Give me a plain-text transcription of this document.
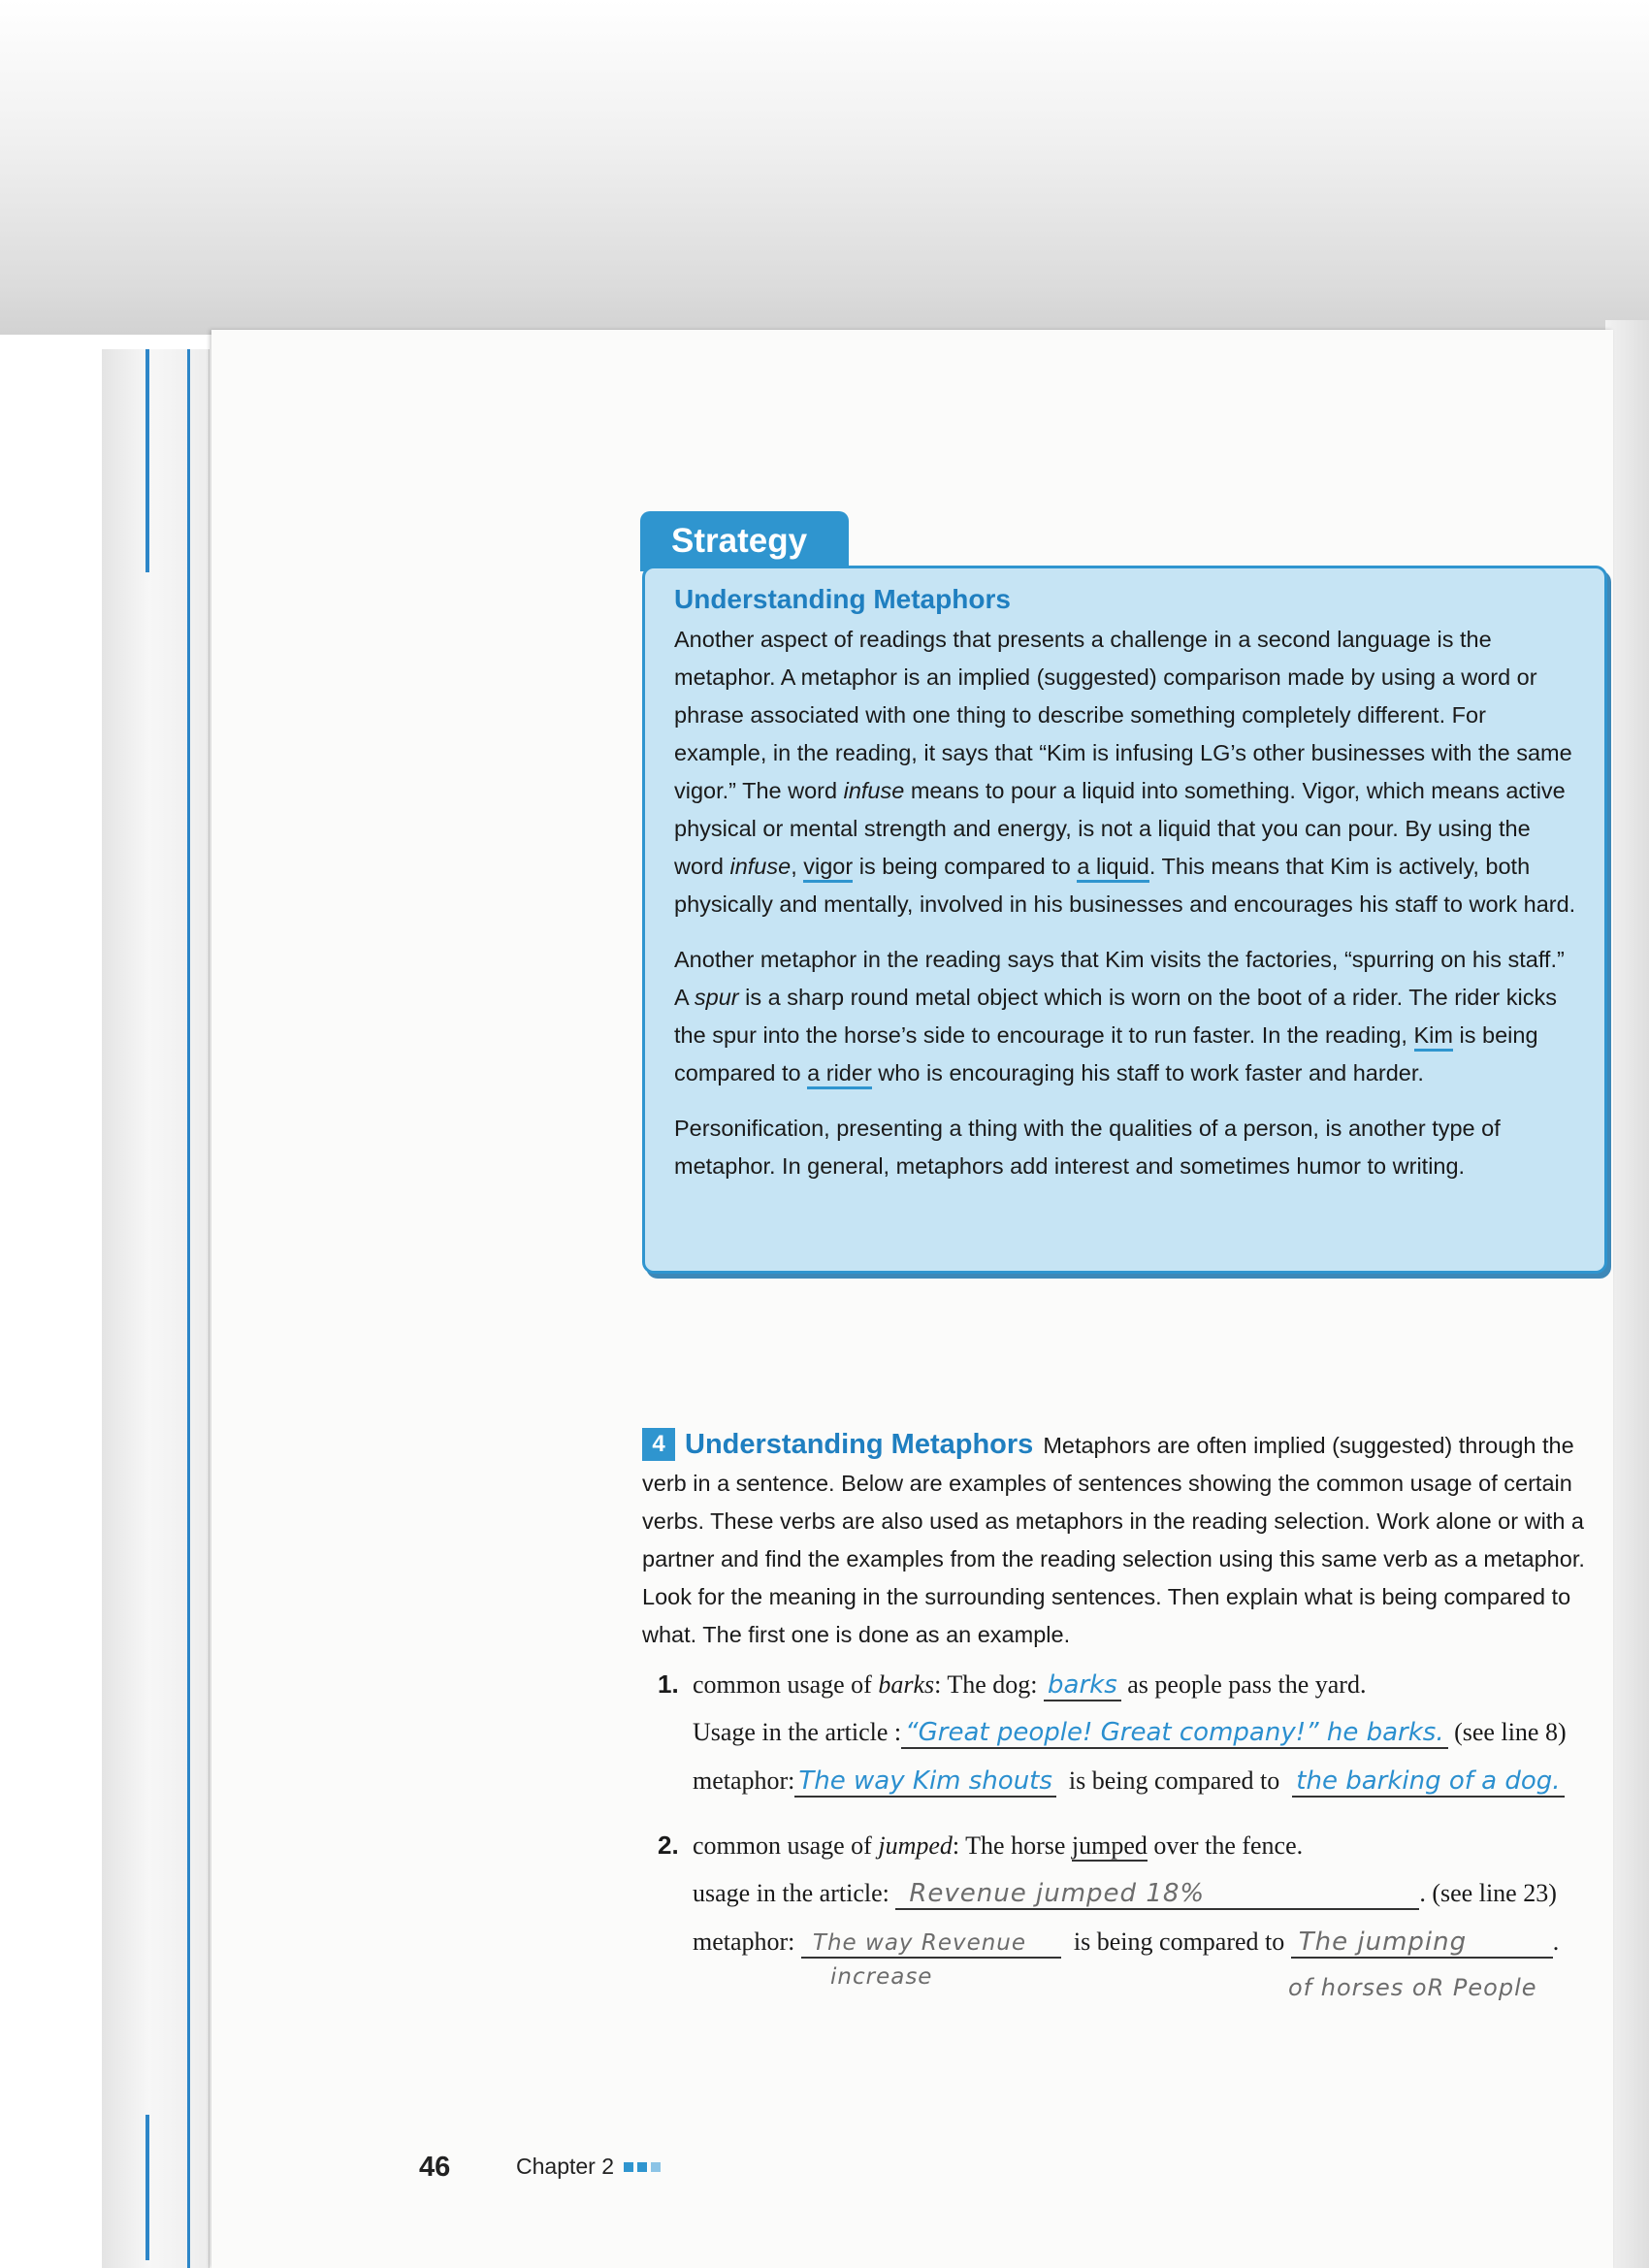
Strategy
Understanding Metaphors

Another aspect of readings that presents a challenge in a second language is the metaphor. A metaphor is an implied (suggested) comparison made by using a word or phrase associated with one thing to describe something completely different. For example, in the reading, it says that “Kim is infusing LG’s other businesses with the same vigor.” The word infuse means to pour a liquid into something. Vigor, which means active physical or mental strength and energy, is not a liquid that you can pour. By using the word infuse, vigor is being compared to a liquid. This means that Kim is actively, both physically and mentally, involved in his businesses and encourages his staff to work hard.

Another metaphor in the reading says that Kim visits the factories, “spurring on his staff.” A spur is a sharp round metal object which is worn on the boot of a rider. The rider kicks the spur into the horse’s side to encourage it to run faster. In the reading, Kim is being compared to a rider who is encouraging his staff to work faster and harder.

Personification, presenting a thing with the qualities of a person, is another type of metaphor. In general, metaphors add interest and sometimes humor to writing.

4 Understanding Metaphors Metaphors are often implied (suggested) through the verb in a sentence. Below are examples of sentences showing the common usage of certain verbs. These verbs are also used as metaphors in the reading selection. Work alone or with a partner and find the examples from the reading selection using this same verb as a metaphor. Look for the meaning in the surrounding sentences. Then explain what is being compared to what. The first one is done as an example.
1. common usage of barks: The dog: barks as people pass the yard.
Usage in the article : “Great people! Great company!” he barks. (see line 8)
metaphor: The way Kim shouts is being compared to the barking of a dog.
2. common usage of jumped: The horse jumped over the fence.
usage in the article: Revenue jumped 18%	. (see line 23)
metaphor: The way Revenue is being compared to The jumping	.
increase	of horses oR People
46	Chapter 2
